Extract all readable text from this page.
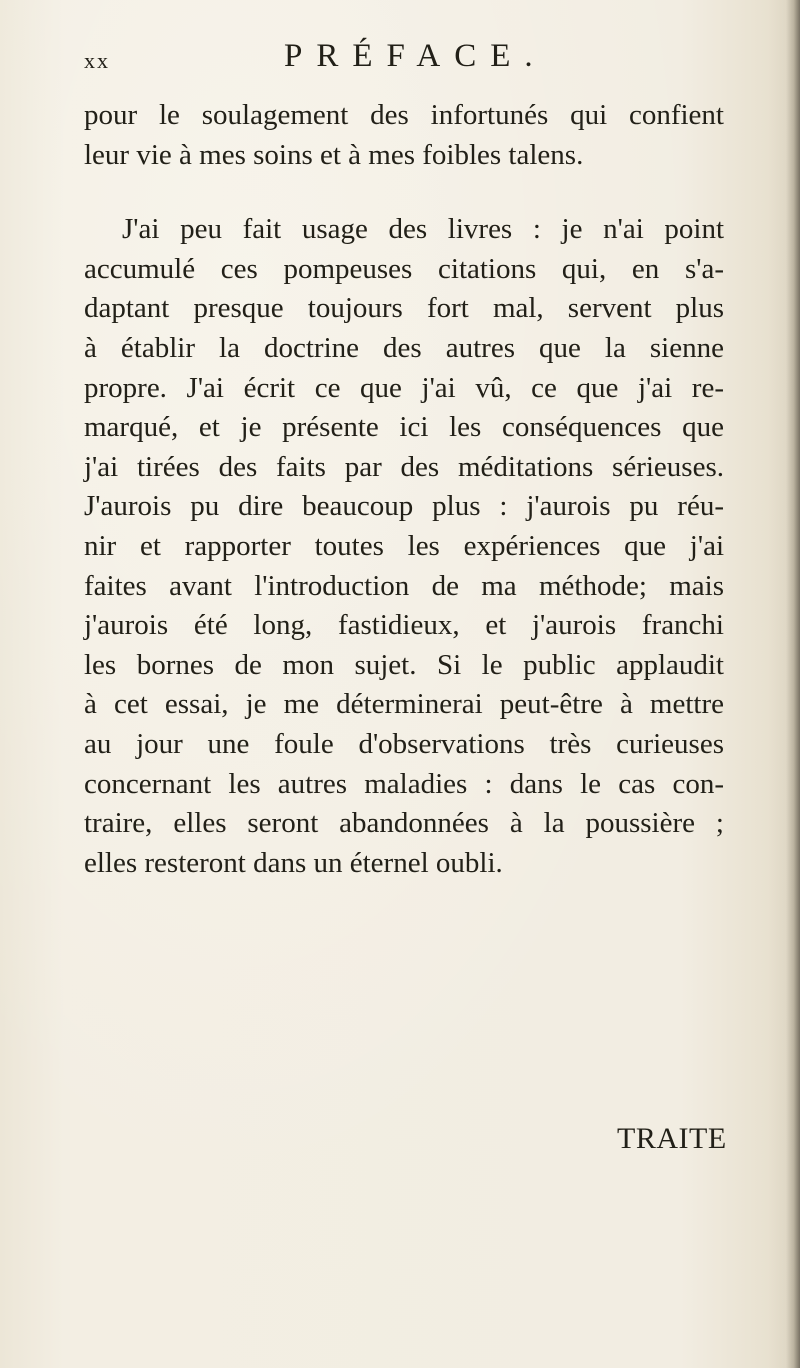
xx	PRÉFACE.
pour le soulagement des infortunés qui confient
leur vie à mes soins et à mes foibles talens.
J'ai peu fait usage des livres : je n'ai point
accumulé ces pompeuses citations qui, en s'a-
daptant presque toujours fort mal, servent plus
à établir la doctrine des autres que la sienne
propre. J'ai écrit ce que j'ai vû, ce que j'ai re-
marqué, et je présente ici les conséquences que
j'ai tirées des faits par des méditations sérieuses.
J'aurois pu dire beaucoup plus : j'aurois pu réu-
nir et rapporter toutes les expériences que j'ai
faites avant l'introduction de ma méthode; mais
j'aurois été long, fastidieux, et j'aurois franchi
les bornes de mon sujet. Si le public applaudit
à cet essai, je me déterminerai peut-être à mettre
au jour une foule d'observations très curieuses
concernant les autres maladies : dans le cas con-
traire, elles seront abandonnées à la poussière ;
elles resteront dans un éternel oubli.
TRAITE
